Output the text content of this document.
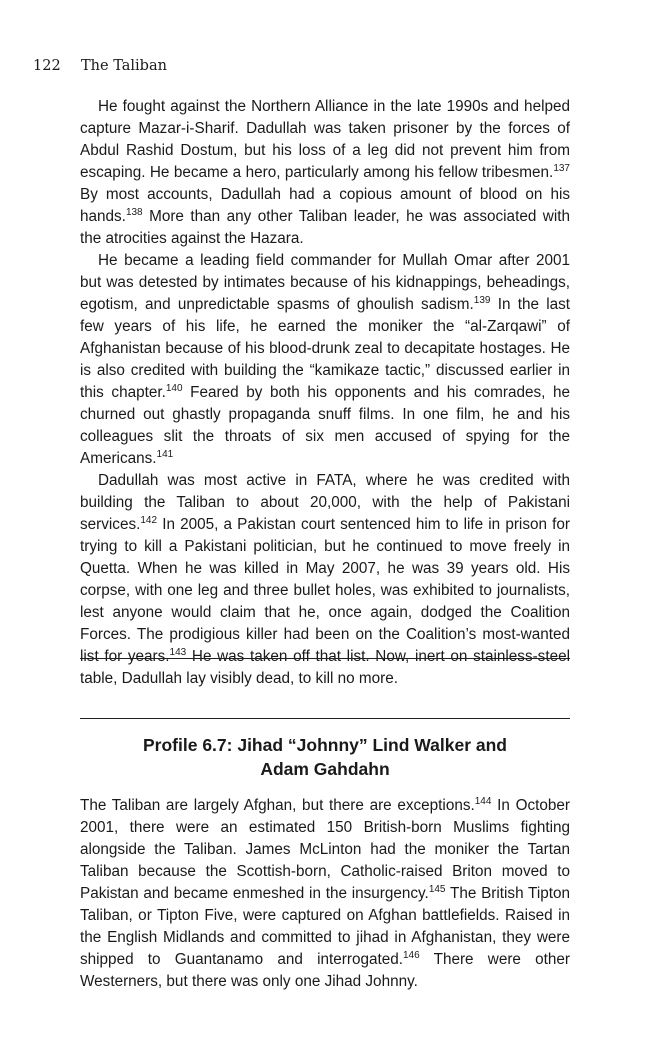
122 The Taliban

He fought against the Northern Alliance in the late 1990s and helped capture Mazar-i-Sharif. Dadullah was taken prisoner by the forces of Abdul Rashid Dostum, but his loss of a leg did not prevent him from escaping. He became a hero, particularly among his fellow tribesmen.$^{137}$ By most accounts, Dadullah had a copious amount of blood on his hands.$^{138}$ More than any other Taliban leader, he was associated with the atrocities against the Hazara.

He became a leading field commander for Mullah Omar after 2001 but was detested by intimates because of his kidnappings, beheadings, egotism, and unpredictable spasms of ghoulish sadism.$^{139}$ In the last few years of his life, he earned the moniker the “al-Zarqawi” of Afghanistan because of his blood-drunk zeal to decapitate hostages. He is also credited with building the “kamikaze tactic,” discussed earlier in this chapter.$^{140}$ Feared by both his opponents and his comrades, he churned out ghastly propaganda snuff films. In one film, he and his colleagues slit the throats of six men accused of spying for the Americans.$^{141}$

Dadullah was most active in FATA, where he was credited with building the Taliban to about 20,000, with the help of Pakistani services.$^{142}$ In 2005, a Pakistan court sentenced him to life in prison for trying to kill a Pakistani politician, but he continued to move freely in Quetta. When he was killed in May 2007, he was 39 years old. His corpse, with one leg and three bullet holes, was exhibited to journalists, lest anyone would claim that he, once again, dodged the Coalition Forces. The prodigious killer had been on the Coalition’s most-wanted list for years.$^{143}$ He was taken off that list. Now, inert on stainless-steel table, Dadullah lay visibly dead, to kill no more.

Profile 6.7: Jihad “Johnny” Lind Walker and
Adam Gahdahn

The Taliban are largely Afghan, but there are exceptions.$^{144}$ In October 2001, there were an estimated 150 British-born Muslims fighting alongside the Taliban. James McLinton had the moniker the Tartan Taliban because the Scottish-born, Catholic-raised Briton moved to Pakistan and became enmeshed in the insurgency.$^{145}$ The British Tipton Taliban, or Tipton Five, were captured on Afghan battlefields. Raised in the English Midlands and committed to jihad in Afghanistan, they were shipped to Guantanamo and interrogated.$^{146}$ There were other Westerners, but there was only one Jihad Johnny.
